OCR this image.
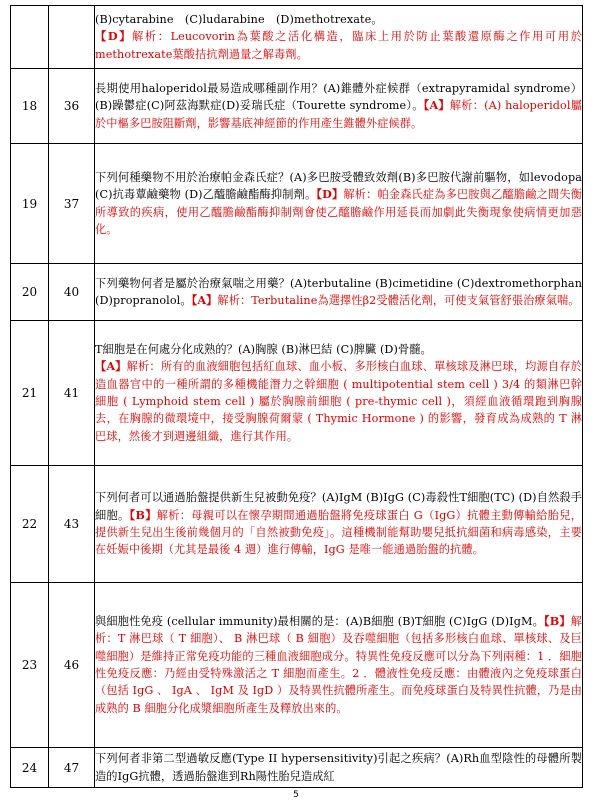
		(B)cytarabine　(C)ludarabine　(D)methotrexate。
【D】解析：Leucovorin為葉酸之活化構造，臨床上用於防止葉酸還原酶之作用可用於methotrexate葉酸拮抗劑過量之解毒劑。
18	36	長期使用haloperidol最易造成哪種副作用？(A)錐體外症候群（extrapyramidal syndrome）(B)躁鬱症(C)阿茲海默症(D)妥瑞氏症（Tourette syndrome）。【A】解析：(A) haloperidol屬於中樞多巴胺阻斷劑，影響基底神經節的作用產生錐體外症候群。
19	37	下列何種藥物不用於治療帕金森氏症？(A)多巴胺受體致效劑(B)多巴胺代謝前驅物，如levodopa (C)抗毒蕈鹼藥物 (D)乙醯膽鹼酯酶抑制劑。【D】解析：帕金森氏症為多巴胺與乙醯膽鹼之間失衡所導致的疾病，使用乙醯膽鹼酯酶抑制劑會使乙醯膽鹼作用延長而加劇此失衡現象使病情更加惡化。
20	40	下列藥物何者是屬於治療氣喘之用藥？(A)terbutaline (B)cimetidine (C)dextromethorphan (D)propranolol。【A】解析：Terbutaline為選擇性β2受體活化劑，可使支氣管舒張治療氣喘。
21	41	T細胞是在何處分化成熟的？(A)胸腺 (B)淋巴結 (C)脾臟 (D)骨髓。
【A】解析：所有的血液細胞包括紅血球、血小板、多形核白血球、單核球及淋巴球，均源自存於造血器官中的一種所謂的多種機能潛力之幹細胞 ( multipotential stem cell ) 3/4 的類淋巴幹細胞 ( Lymphoid stem cell ) 屬於胸腺前細胞 ( pre-thymic cell )，須經血液循環跑到胸腺去，在胸腺的微環境中，接受胸腺荷爾蒙 ( Thymic Hormone ) 的影響，發育成為成熟的 T 淋巴球，然後才到週邊組織，進行其作用。
22	43	下列何者可以通過胎盤提供新生兒被動免疫？(A)IgM (B)IgG (C)毒殺性T細胞(TC) (D)自然殺手細胞。【B】解析：母親可以在懷孕期間通過胎盤將免疫球蛋白 G（IgG）抗體主動傳輸給胎兒，提供新生兒出生後前幾個月的「自然被動免疫」。這種機制能幫助嬰兒抵抗細菌和病毒感染，主要在妊娠中後期（尤其是最後 4 週）進行傳輸，IgG 是唯一能通過胎盤的抗體。
23	46	與細胞性免疫 (cellular immunity)最相關的是：(A)B細胞 (B)T細胞 (C)IgG (D)IgM。【B】解析：T 淋巴球（ T 細胞）、 B 淋巴球（ B 細胞）及吞噬細胞（包括多形核白血球、單核球、及巨噬細胞）是維持正常免疫功能的三種血液細胞成分。特異性免疫反應可以分為下列兩種：1 ．細胞性免疫反應：乃經由受特殊激活之 T 細胞而產生。2 ．體液性免疫反應：由體液內之免疫球蛋白（包括 IgG 、 IgA 、 IgM 及 IgD ）及特異性抗體所產生。而免疫球蛋白及特異性抗體，乃是由成熟的 B 細胞分化成漿細胞所產生及釋放出來的。
24	47	下列何者非第二型過敏反應(Type II hypersensitivity)引起之疾病？(A)Rh血型陰性的母體所製造的IgG抗體，透過胎盤進到Rh陽性胎兒造成紅
5
